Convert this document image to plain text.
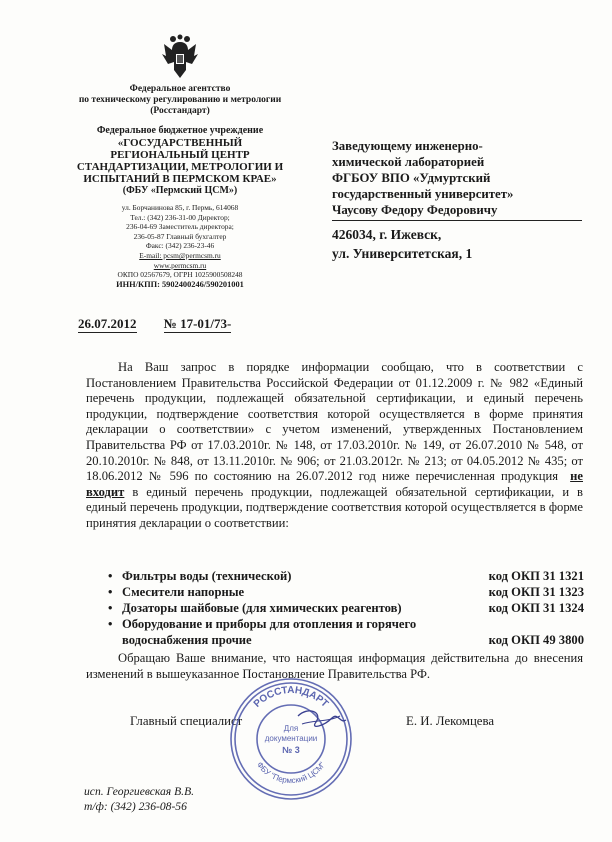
Федеральное агентство
по техническому регулированию и метрологии
(Росстандарт)
Федеральное бюджетное учреждение
«ГОСУДАРСТВЕННЫЙ
РЕГИОНАЛЬНЫЙ ЦЕНТР
СТАНДАРТИЗАЦИИ, МЕТРОЛОГИИ И
ИСПЫТАНИЙ В ПЕРМСКОМ КРАЕ»
(ФБУ «Пермский ЦСМ»)
ул. Борчанинова 85, г. Пермь, 614068
Тел.: (342) 236-31-00 Директор;
236-04-69 Заместитель директора;
236-05-87 Главный бухгалтер
Факс: (342) 236-23-46
E-mail: pcsm@permcsm.ru
www.permcsm.ru
ОКПО 02567679, ОГРН 1025900508248
ИНН/КПП: 5902400246/590201001
26.07.2012 № 17-01/73-
Заведующему инженерно-
химической лабораторией
ФГБОУ ВПО «Удмуртский
государственный университет»
Чаусову Федору Федоровичу
426034, г. Ижевск,
ул. Университетская, 1

На Ваш запрос в порядке информации сообщаю, что в соответствии с Постановлением Правительства Российской Федерации от 01.12.2009 г. № 982 «Единый перечень продукции, подлежащей обязательной сертификации, и единый перечень продукции, подтверждение соответствия которой осуществляется в форме принятия декларации о соответствии» с учетом изменений, утвержденных Постановлением Правительства РФ от 17.03.2010г. № 148, от 17.03.2010г. № 149, от 26.07.2010 № 548, от 20.10.2010г. № 848, от 13.11.2010г. № 906; от 21.03.2012г. № 213; от 04.05.2012 № 435; от 18.06.2012 № 596 по состоянию на 26.07.2012 год ниже перечисленная продукция не входит в единый перечень продукции, подлежащей обязательной сертификации, и в единый перечень продукции, подтверждение соответствия которой осуществляется в форме принятия декларации о соответствии:

• Фильтры воды (технической)	код ОКП 31 1321
• Смесители напорные	код ОКП 31 1323
• Дозаторы шайбовые (для химических реагентов)	код ОКП 31 1324
• Оборудование и приборы для отопления и горячего водоснабжения прочие	код ОКП 49 3800

Обращаю Ваше внимание, что настоящая информация действительна до внесения изменений в вышеуказанное Постановление Правительства РФ.

Главный специалист	Е. И. Лекомцева
РОССТАНДАРТ
ФБУ "Пермский ЦСМ"
Для
документации
№ 3
исп. Георгиевская В.В.
т/ф: (342) 236-08-56
